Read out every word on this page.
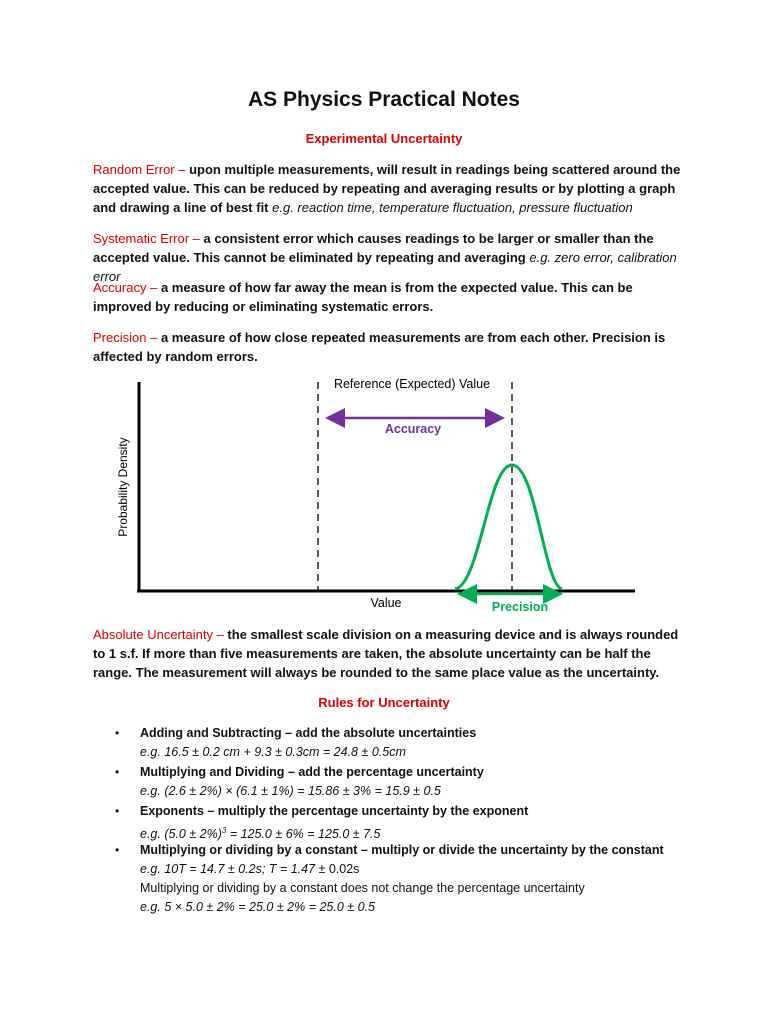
AS Physics Practical Notes

Experimental Uncertainty

Random Error – upon multiple measurements, will result in readings being scattered around the accepted value. This can be reduced by repeating and averaging results or by plotting a graph and drawing a line of best fit e.g. reaction time, temperature fluctuation, pressure fluctuation

Systematic Error – a consistent error which causes readings to be larger or smaller than the accepted value. This cannot be eliminated by repeating and averaging e.g. zero error, calibration error

Accuracy – a measure of how far away the mean is from the expected value. This can be improved by reducing or eliminating systematic errors.

Precision – a measure of how close repeated measurements are from each other. Precision is affected by random errors.

Reference (Expected) Value
Accuracy
Precision
Value
Probability Density

Absolute Uncertainty – the smallest scale division on a measuring device and is always rounded to 1 s.f. If more than five measurements are taken, the absolute uncertainty can be half the range. The measurement will always be rounded to the same place value as the uncertainty.

Rules for Uncertainty

• Adding and Subtracting – add the absolute uncertainties
e.g. 16.5 ± 0.2 cm + 9.3 ± 0.3cm = 24.8 ± 0.5cm

• Multiplying and Dividing – add the percentage uncertainty
e.g. (2.6 ± 2%) × (6.1 ± 1%) = 15.86 ± 3% = 15.9 ± 0.5

• Exponents – multiply the percentage uncertainty by the exponent
e.g. $(5.0 \pm 2\%)^3 = 125.0 \pm 6\% = 125.0 \pm 7.5$

• Multiplying or dividing by a constant – multiply or divide the uncertainty by the constant
e.g. 10T = 14.7 ± 0.2s; T = 1.47 ± 0.02s
Multiplying or dividing by a constant does not change the percentage uncertainty
e.g. 5 × 5.0 ± 2% = 25.0 ± 2% = 25.0 ± 0.5
